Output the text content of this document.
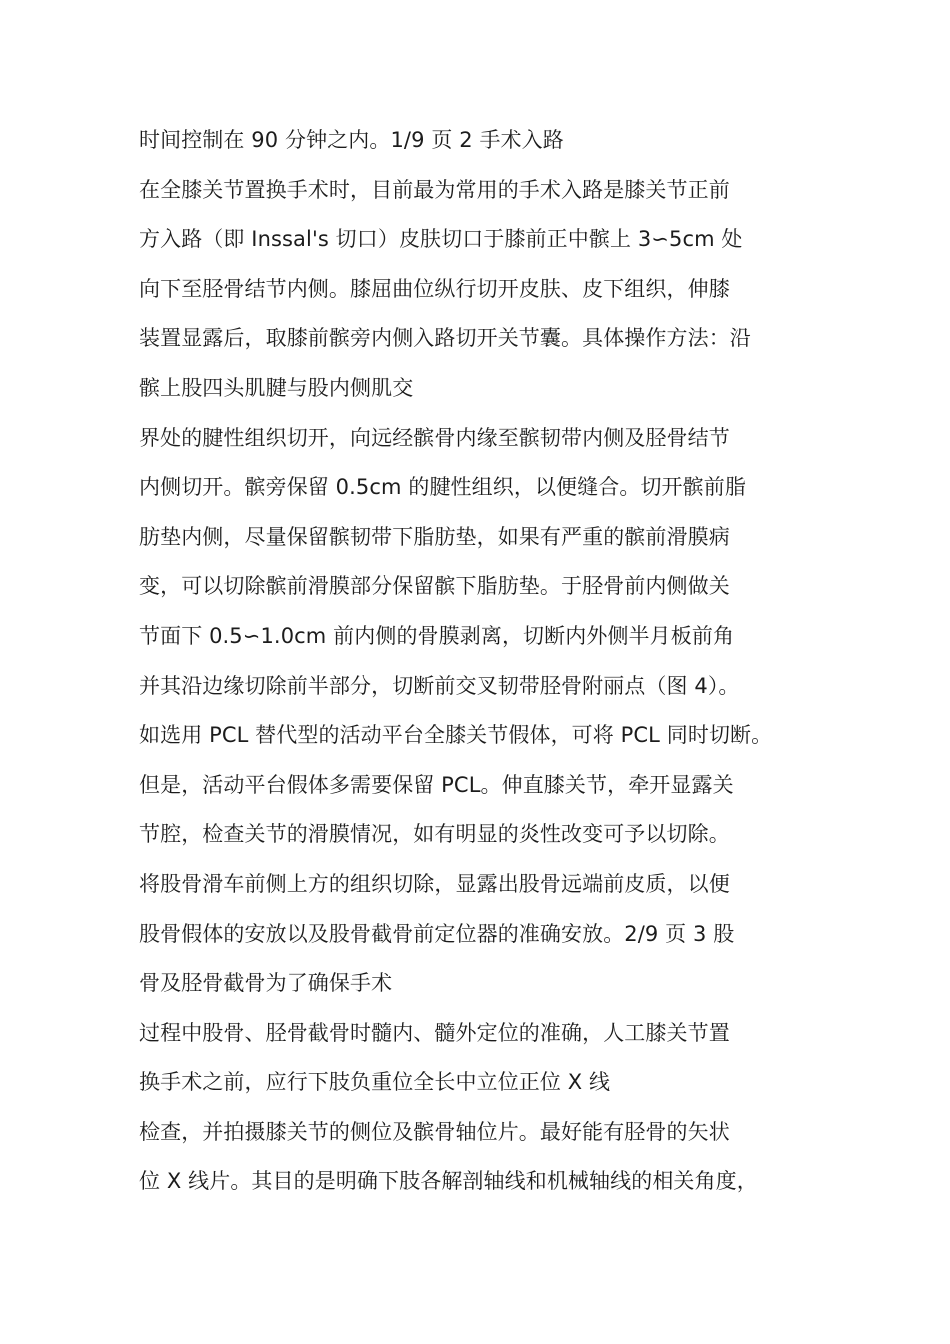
时间控制在 90 分钟之内。1/9 页 2 手术入路
在全膝关节置换手术时，目前最为常用的手术入路是膝关节正前
方入路（即 Inssal's 切口）皮肤切口于膝前正中髌上 3∽5cm 处
向下至胫骨结节内侧。膝屈曲位纵行切开皮肤、皮下组织，伸膝
装置显露后，取膝前髌旁内侧入路切开关节囊。具体操作方法：沿
髌上股四头肌腱与股内侧肌交
界处的腱性组织切开，向远经髌骨内缘至髌韧带内侧及胫骨结节
内侧切开。髌旁保留 0.5cm 的腱性组织，以便缝合。切开髌前脂
肪垫内侧，尽量保留髌韧带下脂肪垫，如果有严重的髌前滑膜病
变，可以切除髌前滑膜部分保留髌下脂肪垫。于胫骨前内侧做关
节面下 0.5∽1.0cm 前内侧的骨膜剥离，切断内外侧半月板前角
并其沿边缘切除前半部分，切断前交叉韧带胫骨附丽点（图 4）。
如选用 PCL 替代型的活动平台全膝关节假体，可将 PCL 同时切断。
但是，活动平台假体多需要保留 PCL。伸直膝关节，牵开显露关
节腔，检查关节的滑膜情况，如有明显的炎性改变可予以切除。
将股骨滑车前侧上方的组织切除，显露出股骨远端前皮质，以便
股骨假体的安放以及股骨截骨前定位器的准确安放。2/9 页 3 股
骨及胫骨截骨为了确保手术
过程中股骨、胫骨截骨时髓内、髓外定位的准确，人工膝关节置
换手术之前，应行下肢负重位全长中立位正位 X 线
检查，并拍摄膝关节的侧位及髌骨轴位片。最好能有胫骨的矢状
位 X 线片。其目的是明确下肢各解剖轴线和机械轴线的相关角度，
